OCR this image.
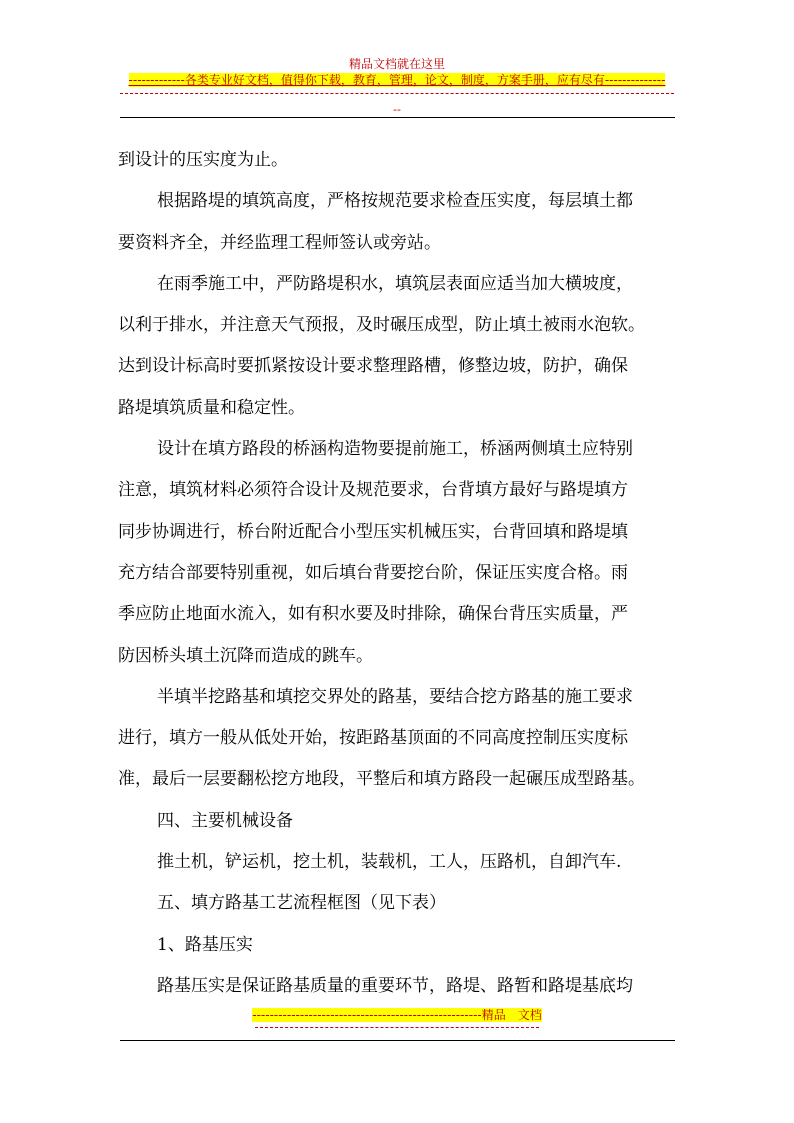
精品文档就在这里
-------------各类专业好文档，值得你下载，教育，管理，论文，制度，方案手册，应有尽有--------------
--
到设计的压实度为止。
根据路堤的填筑高度，严格按规范要求检查压实度，每层填土都
要资料齐全，并经监理工程师签认或旁站。
在雨季施工中，严防路堤积水，填筑层表面应适当加大横坡度，
以利于排水，并注意天气预报，及时碾压成型，防止填土被雨水泡软。
达到设计标高时要抓紧按设计要求整理路槽，修整边坡，防护，确保
路堤填筑质量和稳定性。
设计在填方路段的桥涵构造物要提前施工，桥涵两侧填土应特别
注意，填筑材料必须符合设计及规范要求，台背填方最好与路堤填方
同步协调进行，桥台附近配合小型压实机械压实，台背回填和路堤填
充方结合部要特别重视，如后填台背要挖台阶，保证压实度合格。雨
季应防止地面水流入，如有积水要及时排除，确保台背压实质量，严
防因桥头填土沉降而造成的跳车。
半填半挖路基和填挖交界处的路基，要结合挖方路基的施工要求
进行，填方一般从低处开始，按距路基顶面的不同高度控制压实度标
准，最后一层要翻松挖方地段，平整后和填方路段一起碾压成型路基。
四、主要机械设备
推土机，铲运机，挖土机，装载机，工人，压路机，自卸汽车.
五、填方路基工艺流程框图（见下表）
1、路基压实
路基压实是保证路基质量的重要环节，路堤、路暂和路堤基底均
-----------------------------------------------------精品　文档
